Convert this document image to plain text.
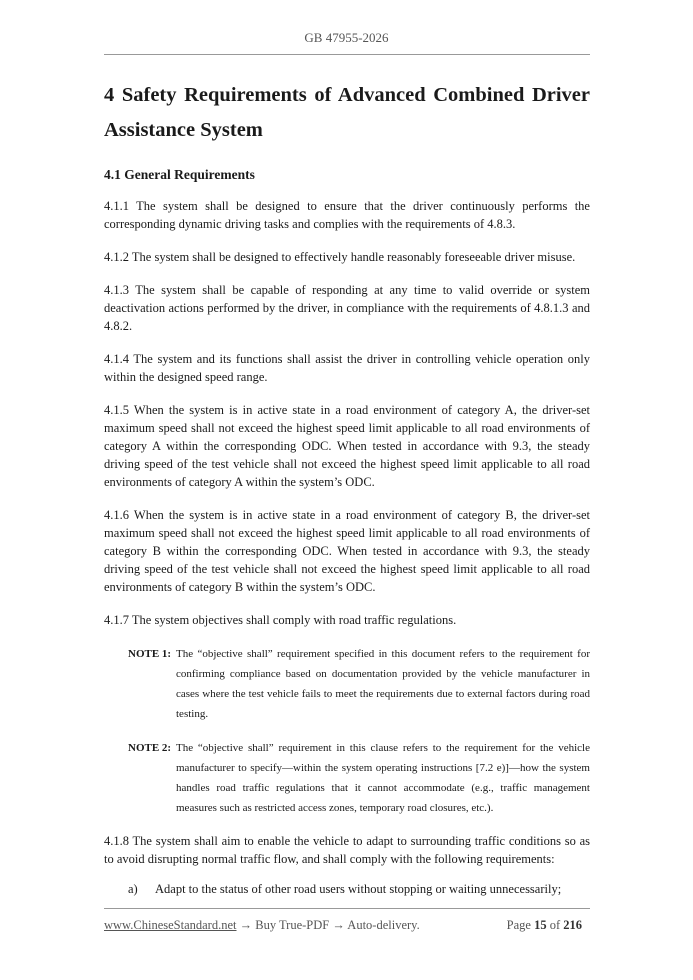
GB 47955-2026
4 Safety Requirements of Advanced Combined Driver Assistance System
4.1 General Requirements

4.1.1 The system shall be designed to ensure that the driver continuously performs the corresponding dynamic driving tasks and complies with the requirements of 4.8.3.

4.1.2 The system shall be designed to effectively handle reasonably foreseeable driver misuse.

4.1.3 The system shall be capable of responding at any time to valid override or system deactivation actions performed by the driver, in compliance with the requirements of 4.8.1.3 and 4.8.2.

4.1.4 The system and its functions shall assist the driver in controlling vehicle operation only within the designed speed range.

4.1.5 When the system is in active state in a road environment of category A, the driver-set maximum speed shall not exceed the highest speed limit applicable to all road environments of category A within the corresponding ODC. When tested in accordance with 9.3, the steady driving speed of the test vehicle shall not exceed the highest speed limit applicable to all road environments of category A within the system’s ODC.

4.1.6 When the system is in active state in a road environment of category B, the driver-set maximum speed shall not exceed the highest speed limit applicable to all road environments of category B within the corresponding ODC. When tested in accordance with 9.3, the steady driving speed of the test vehicle shall not exceed the highest speed limit applicable to all road environments of category B within the system’s ODC.

4.1.7 The system objectives shall comply with road traffic regulations.

NOTE 1: The “objective shall” requirement specified in this document refers to the requirement for confirming compliance based on documentation provided by the vehicle manufacturer in cases where the test vehicle fails to meet the requirements due to external factors during road testing.
NOTE 2: The “objective shall” requirement in this clause refers to the requirement for the vehicle manufacturer to specify—within the system operating instructions [7.2 e)]—how the system handles road traffic regulations that it cannot accommodate (e.g., traffic management measures such as restricted access zones, temporary road closures, etc.).

4.1.8 The system shall aim to enable the vehicle to adapt to surrounding traffic conditions so as to avoid disrupting normal traffic flow, and shall comply with the following requirements:

a) Adapt to the status of other road users without stopping or waiting unnecessarily;
www.ChineseStandard.net → Buy True-PDF → Auto-delivery.	Page 15 of 216
